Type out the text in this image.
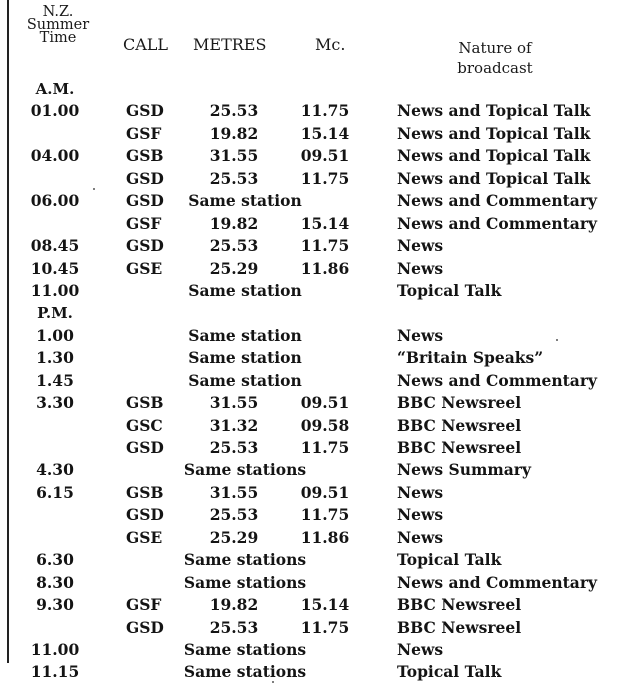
N.Z.
Summer
Time	CALL METRES	Mc.	Nature of
broadcast
A.M.
01.00	GSD	25.53	11.75	News and Topical Talk
GSF	19.82	15.14	News and Topical Talk
04.00	GSB	31.55	09.51	News and Topical Talk
GSD	25.53	11.75	News and Topical Talk
06.00	GSD	Same station	News and Commentary
GSF	19.82	15.14	News and Commentary
08.45	GSD	25.53	11.75	News
10.45	GSE	25.29	11.86	News
11.00	Same station	Topical Talk
P.M.
1.00	Same station	News
1.30	Same station	“Britain Speaks”
1.45	Same station	News and Commentary
3.30	GSB	31.55	09.51	BBC Newsreel
GSC	31.32	09.58	BBC Newsreel
GSD	25.53	11.75	BBC Newsreel
4.30	Same stations	News Summary
6.15	GSB	31.55	09.51	News
GSD	25.53	11.75	News
GSE	25.29	11.86	News
6.30	Same stations	Topical Talk
8.30	Same stations	News and Commentary
9.30	GSF	19.82	15.14	BBC Newsreel
GSD	25.53	11.75	BBC Newsreel
11.00	Same stations	News
11.15	Same stations	Topical Talk
